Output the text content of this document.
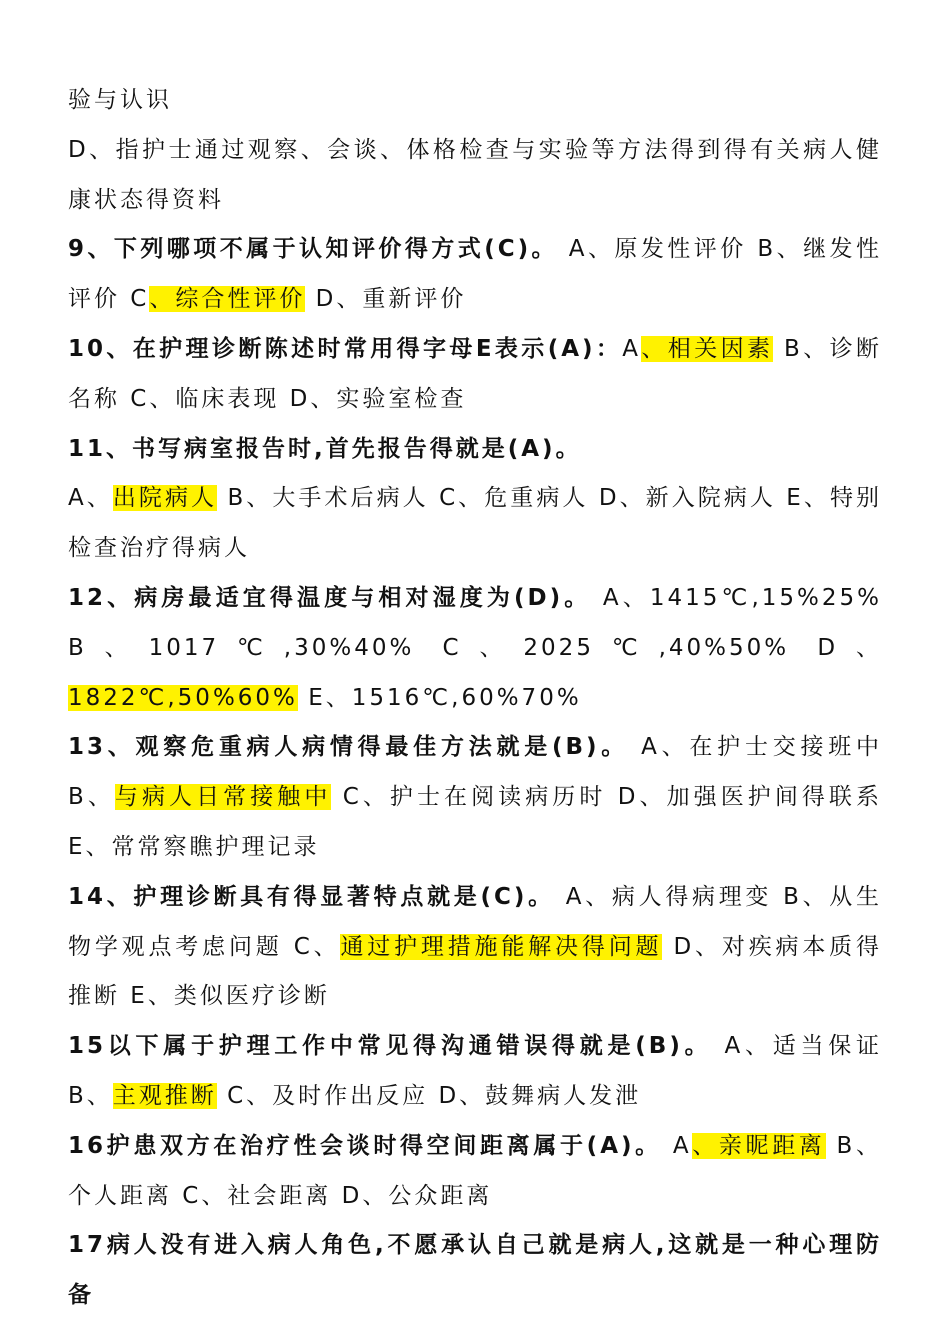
验与认识

D、指护士通过观察、会谈、体格检查与实验等方法得到得有关病人健康状态得资料

9、下列哪项不属于认知评价得方式(C)。 A、原发性评价 B、继发性评价 C、综合性评价 D、重新评价

10、在护理诊断陈述时常用得字母E表示(A)：A、相关因素 B、诊断名称 C、临床表现 D、实验室检查

11、书写病室报告时,首先报告得就是(A)。
A、出院病人 B、大手术后病人 C、危重病人 D、新入院病人 E、特别检查治疗得病人

12、病房最适宜得温度与相对湿度为(D)。 A、1415℃,15%25% B、1017℃,30%40% C、2025℃,40%50% D、1822℃,50%60% E、1516℃,60%70%

13、观察危重病人病情得最佳方法就是(B)。 A、在护士交接班中 B、与病人日常接触中 C、护士在阅读病历时 D、加强医护间得联系 E、常常察瞧护理记录

14、护理诊断具有得显著特点就是(C)。 A、病人得病理变 B、从生物学观点考虑问题 C、通过护理措施能解决得问题 D、对疾病本质得推断 E、类似医疗诊断

15以下属于护理工作中常见得沟通错误得就是(B)。 A、适当保证 B、主观推断 C、及时作出反应 D、鼓舞病人发泄

16护患双方在治疗性会谈时得空间距离属于(A)。 A、亲昵距离 B、个人距离 C、社会距离 D、公众距离

17病人没有进入病人角色,不愿承认自己就是病人,这就是一种心理防备
